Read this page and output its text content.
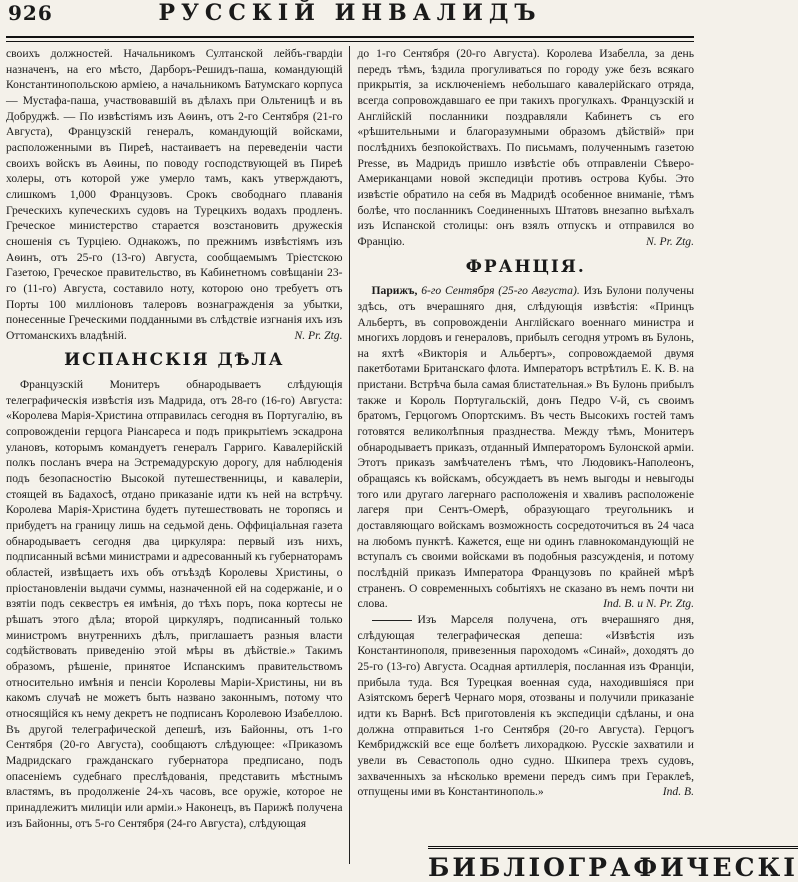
926	РУССКІЙ ИНВАЛИДЪ

своихъ должностей. Начальникомъ Султанской лейбъ-гвардіи назначенъ, на его мѣсто, Дарборъ-Решидъ-паша, командующій Константинопольскою арміею, а начальникомъ Батумскаго корпуса — Мустафа-паша, участвовавшій въ дѣлахъ при Ольтеницѣ и въ Добруджѣ. — По извѣстіямъ изъ Аѳинъ, отъ 2-го Сентября (21-го Августа), Французскій генералъ, командующій войсками, расположенными въ Пиреѣ, настаиваетъ на переведеніи части своихъ войскъ въ Аѳины, по поводу господствующей въ Пиреѣ холеры, отъ которой уже умерло тамъ, какъ утверждаютъ, слишкомъ 1,000 Французовъ. Срокъ свободнаго плаванія Греческихъ купеческихъ судовъ на Турецкихъ водахъ продленъ. Греческое министерство старается возстановить дружескія сношенія съ Турціею. Однакожъ, по прежнимъ извѣстіямъ изъ Аѳинъ, отъ 25-го (13-го) Августа, сообщаемымъ Тріестскою Газетою, Греческое правительство, въ Кабинетномъ совѣщаніи 23-го (11-го) Августа, составило ноту, которою оно требуетъ отъ Порты 100 милліоновъ талеровъ вознагражденія за убытки, понесенные Греческими подданными въ слѣдствіе изгнанія ихъ изъ Оттоманскихъ владѣній.	N. Pr. Ztg.

ИСПАНСКІЯ ДѢЛА

Французскій Монитеръ обнародываетъ слѣдующія телеграфическія извѣстія изъ Мадрида, отъ 28-го (16-го) Августа: «Королева Марія-Христина отправилась сегодня въ Португалію, въ сопровожденіи герцога Ріансареса и подъ прикрытіемъ эскадрона улановъ, которымъ командуетъ генералъ Гарриго. Кавалерійскій полкъ посланъ вчера на Эстремадурскую дорогу, для наблюденія подъ безопасностію Высокой путешественницы, и кавалеріи, стоящей въ Бадахосѣ, отдано приказаніе идти къ ней на встрѣчу. Королева Марія-Христина будетъ путешествовать не торопясь и прибудетъ на границу лишь на седьмой день. Оффиціальная газета обнародываетъ сегодня два циркуляра: первый изъ нихъ, подписанный всѣми министрами и адресованный къ губернаторамъ областей, извѣщаетъ ихъ объ отъѣздѣ Королевы Христины, о пріостановленіи выдачи суммы, назначенной ей на содержаніе, и о взятіи подъ секвестръ ея имѣнія, до тѣхъ поръ, пока кортесы не рѣшатъ этого дѣла; второй циркуляръ, подписанный только министромъ внутреннихъ дѣлъ, приглашаетъ разныя власти содѣйствовать приведенію этой мѣры въ дѣйствіе.» Такимъ образомъ, рѣшеніе, принятое Испанскимъ правительствомъ относительно имѣнія и пенсіи Королевы Маріи-Христины, ни въ какомъ случаѣ не можетъ быть названо законнымъ, потому что относящійся къ нему декретъ не подписанъ Королевою Изабеллою. Въ другой телеграфической депешѣ, изъ Байонны, отъ 1-го Сентября (20-го Августа), сообщаютъ слѣдующее: «Приказомъ Мадридскаго гражданскаго губернатора предписано, подъ опасеніемъ судебнаго преслѣдованія, представить мѣстнымъ властямъ, въ продолженіе 24-хъ часовъ, все оружіе, которое не принадлежитъ милиціи или арміи.» Наконецъ, въ Парижѣ получена изъ Байонны, отъ 5-го Сентября (24-го Августа), слѣдующая

до 1-го Сентября (20-го Августа). Королева Изабелла, за день передъ тѣмъ, ѣздила прогуливаться по городу уже безъ всякаго прикрытія, за исключеніемъ небольшаго кавалерійскаго отряда, всегда сопровождавшаго ее при такихъ прогулкахъ. Французскій и Англійскій посланники поздравляли Кабинетъ съ его «рѣшительными и благоразумными образомъ дѣйствій» при послѣднихъ безпокойствахъ. По письмамъ, полученнымъ газетою Presse, въ Мадридъ пришло извѣстіе объ отправленіи Сѣверо-Американцами новой экспедиціи противъ острова Кубы. Это извѣстіе обратило на себя въ Мадридѣ особенное вниманіе, тѣмъ болѣе, что посланникъ Соединенныхъ Штатовъ внезапно выѣхалъ изъ Испанской столицы: онъ взялъ отпускъ и отправился во Францію.	N. Pr. Ztg.

ФРАНЦІЯ.

Парижъ, 6-го Сентября (25-го Августа). Изъ Булони получены здѣсь, отъ вчерашняго дня, слѣдующія извѣстія: «Принцъ Альбертъ, въ сопровожденіи Англійскаго военнаго министра и многихъ лордовъ и генераловъ, прибылъ сегодня утромъ въ Булонь, на яхтѣ «Викторія и Альбертъ», сопровождаемой двумя пакетботами Британскаго флота. Императоръ встрѣтилъ Е. К. В. на пристани. Встрѣча была самая блистательная.» Въ Булонь прибылъ также и Король Португальскій, донъ Педро V-й, съ своимъ братомъ, Герцогомъ Опортскимъ. Въ честь Высокихъ гостей тамъ готовятся великолѣпныя празднества. Между тѣмъ, Монитеръ обнародываетъ приказъ, отданный Императоромъ Булонской арміи. Этотъ приказъ замѣчателенъ тѣмъ, что Людовикъ-Наполеонъ, обращаясь къ войскамъ, обсуждаетъ въ немъ выгоды и невыгоды того или другаго лагернаго расположенія и хваливъ расположеніе лагеря при Сентъ-Омерѣ, образующаго треугольникъ и доставляющаго войскамъ возможность сосредоточиться въ 24 часа на любомъ пунктѣ. Кажется, еще ни одинъ главнокомандующій не вступалъ съ своими войсками въ подобныя разсужденія, и потому послѣдній приказъ Императора Французовъ по крайней мѣрѣ страненъ. О современныхъ событіяхъ не сказано въ немъ почти ни слова.	Ind. B. и N. Pr. Ztg.

Изъ Марселя получена, отъ вчерашняго дня, слѣдующая телеграфическая депеша: «Извѣстія изъ Константинополя, привезенныя пароходомъ «Синай», доходятъ до 25-го (13-го) Августа. Осадная артиллерія, посланная изъ Франціи, прибыла туда. Вся Турецкая военная суда, находившіяся при Азіятскомъ берегѣ Чернаго моря, отозваны и получили приказаніе идти къ Варнѣ. Всѣ приготовленія къ экспедиціи сдѣланы, и она должна отправиться 1-го Сентября (20-го Августа). Герцогъ Кембриджскій все еще болѣетъ лихорадкою. Русскіе захватили и увели въ Севастополь одно судно. Шкипера трехъ судовъ, захваченныхъ за нѣсколько времени передъ симъ при Гераклеѣ, отпущены ими въ Константинополь.»	Ind. B.

БИБЛІОГРАФИЧЕСКІ
